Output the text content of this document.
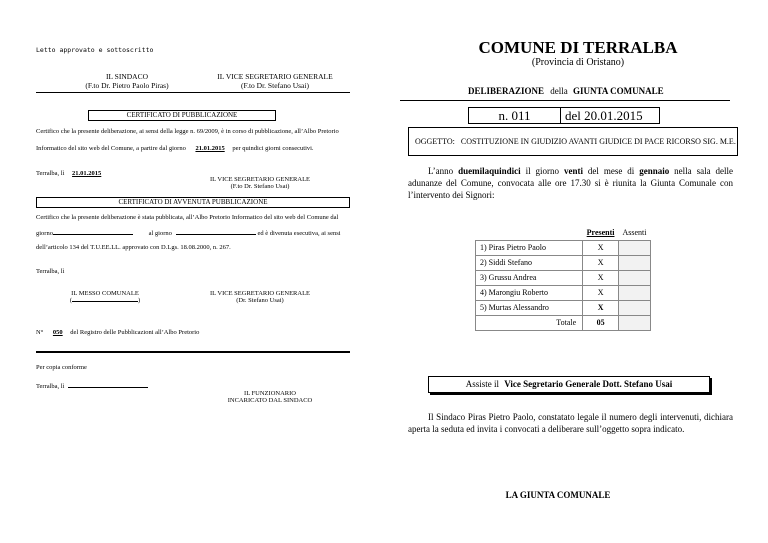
Letto approvato e sottoscritto
IL SINDACO
(F.to Dr. Pietro Paolo Piras)
IL VICE SEGRETARIO GENERALE
(F.to Dr. Stefano Usai)
CERTIFICATO DI PUBBLICAZIONE
Certifico che la presente deliberazione, ai sensi della legge n. 69/2009, è in corso di pubblicazione, all’Albo Pretorio
Informatico del sito web del Comune, a partire dal giorno 21.01.2015 per quindici giorni consecutivi.
Terralba, lì 21.01.2015
IL VICE SEGRETARIO GENERALE
(F.to Dr. Stefano Usai)
CERTIFICATO DI AVVENUTA PUBBLICAZIONE
Certifico che la presente deliberazione è stata pubblicata, all’Albo Pretorio Informatico del sito web del Comune dal
giorno	al giorno	ed è divenuta esecutiva, ai sensi
dell’articolo 134 del T.U.EE.LL. approvato con D.Lgs. 18.08.2000, n. 267.
Terralba, lì
IL MESSO COMUNALE
(	)
IL VICE SEGRETARIO GENERALE
(Dr. Stefano Usai)
N° 050 del Registro delle Pubblicazioni all’Albo Pretorio
Per copia conforme
Terralba, lì
IL FUNZIONARIO
INCARICATO DAL SINDACO
COMUNE DI TERRALBA
(Provincia di Oristano)
DELIBERAZIONE della GIUNTA COMUNALE
n. 011	del 20.01.2015
OGGETTO: COSTITUZIONE IN GIUDIZIO AVANTI GIUDICE DI PACE RICORSO SIG. M.E.
L’anno duemilaquindici il giorno venti del mese di gennaio nella sala delle adunanze del Comune, convocata alle ore 17.30 si è riunita la Giunta Comunale con l’intervento dei Signori:
	Presenti	Assenti
1) Piras Pietro Paolo	X	
2) Siddi Stefano	X	
3) Grussu Andrea	X	
4) Marongiu Roberto	X	
5) Murtas Alessandro	X	
Totale	05	
Assiste il Vice Segretario Generale Dott. Stefano Usai
Il Sindaco Piras Pietro Paolo, constatato legale il numero degli intervenuti, dichiara aperta la seduta ed invita i convocati a deliberare sull’oggetto sopra indicato.
LA GIUNTA COMUNALE
